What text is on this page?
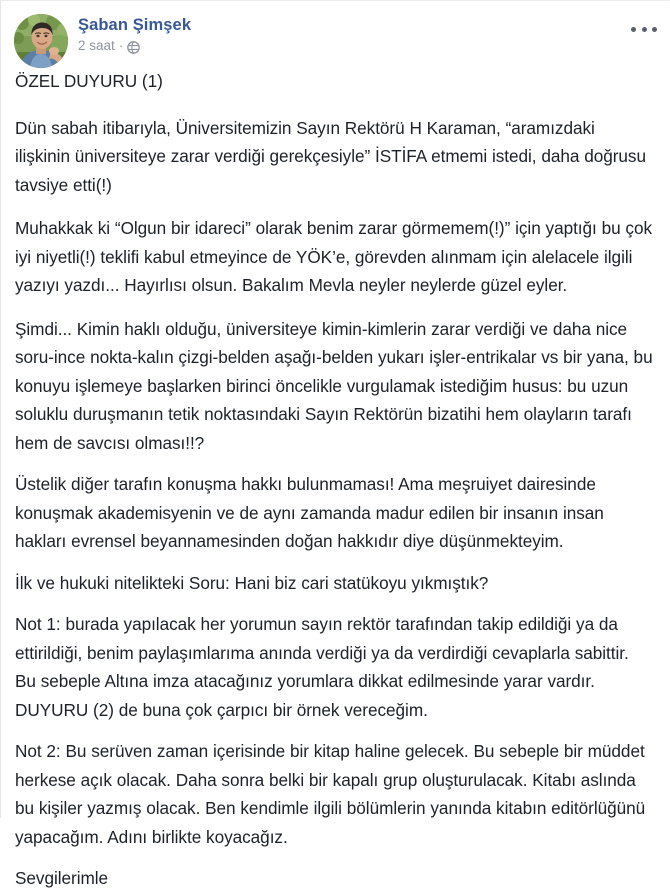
Şaban Şimşek
2 saat ·

ÖZEL DUYURU (1)

Dün sabah itibarıyla, Üniversitemizin Sayın Rektörü H Karaman, “aramızdaki ilişkinin üniversiteye zarar verdiği gerekçesiyle” İSTİFA etmemi istedi, daha doğrusu tavsiye etti(!)

Muhakkak ki “Olgun bir idareci” olarak benim zarar görmemem(!)” için yaptığı bu çok iyi niyetli(!) teklifi kabul etmeyince de YÖK’e, görevden alınmam için alelacele ilgili yazıyı yazdı... Hayırlısı olsun. Bakalım Mevla neyler neylerde güzel eyler.

Şimdi... Kimin haklı olduğu, üniversiteye kimin-kimlerin zarar verdiği ve daha nice soru-ince nokta-kalın çizgi-belden aşağı-belden yukarı işler-entrikalar vs bir yana, bu konuyu işlemeye başlarken birinci öncelikle vurgulamak istediğim husus: bu uzun soluklu duruşmanın tetik noktasındaki Sayın Rektörün bizatihi hem olayların tarafı hem de savcısı olması!!?

Üstelik diğer tarafın konuşma hakkı bulunmaması! Ama meşruiyet dairesinde konuşmak akademisyenin ve de aynı zamanda madur edilen bir insanın insan hakları evrensel beyannamesinden doğan hakkıdır diye düşünmekteyim.

İlk ve hukuki nitelikteki Soru: Hani biz cari statükoyu yıkmıştık?

Not 1: burada yapılacak her yorumun sayın rektör tarafından takip edildiği ya da ettirildiği, benim paylaşımlarıma anında verdiği ya da verdirdiği cevaplarla sabittir. Bu sebeple Altına imza atacağınız yorumlara dikkat edilmesinde yarar vardır. DUYURU (2) de buna çok çarpıcı bir örnek vereceğim.

Not 2: Bu serüven zaman içerisinde bir kitap haline gelecek. Bu sebeple bir müddet herkese açık olacak. Daha sonra belki bir kapalı grup oluşturulacak. Kitabı aslında bu kişiler yazmış olacak. Ben kendimle ilgili bölümlerin yanında kitabın editörlüğünü yapacağım. Adını birlikte koyacağız.

Sevgilerimle
